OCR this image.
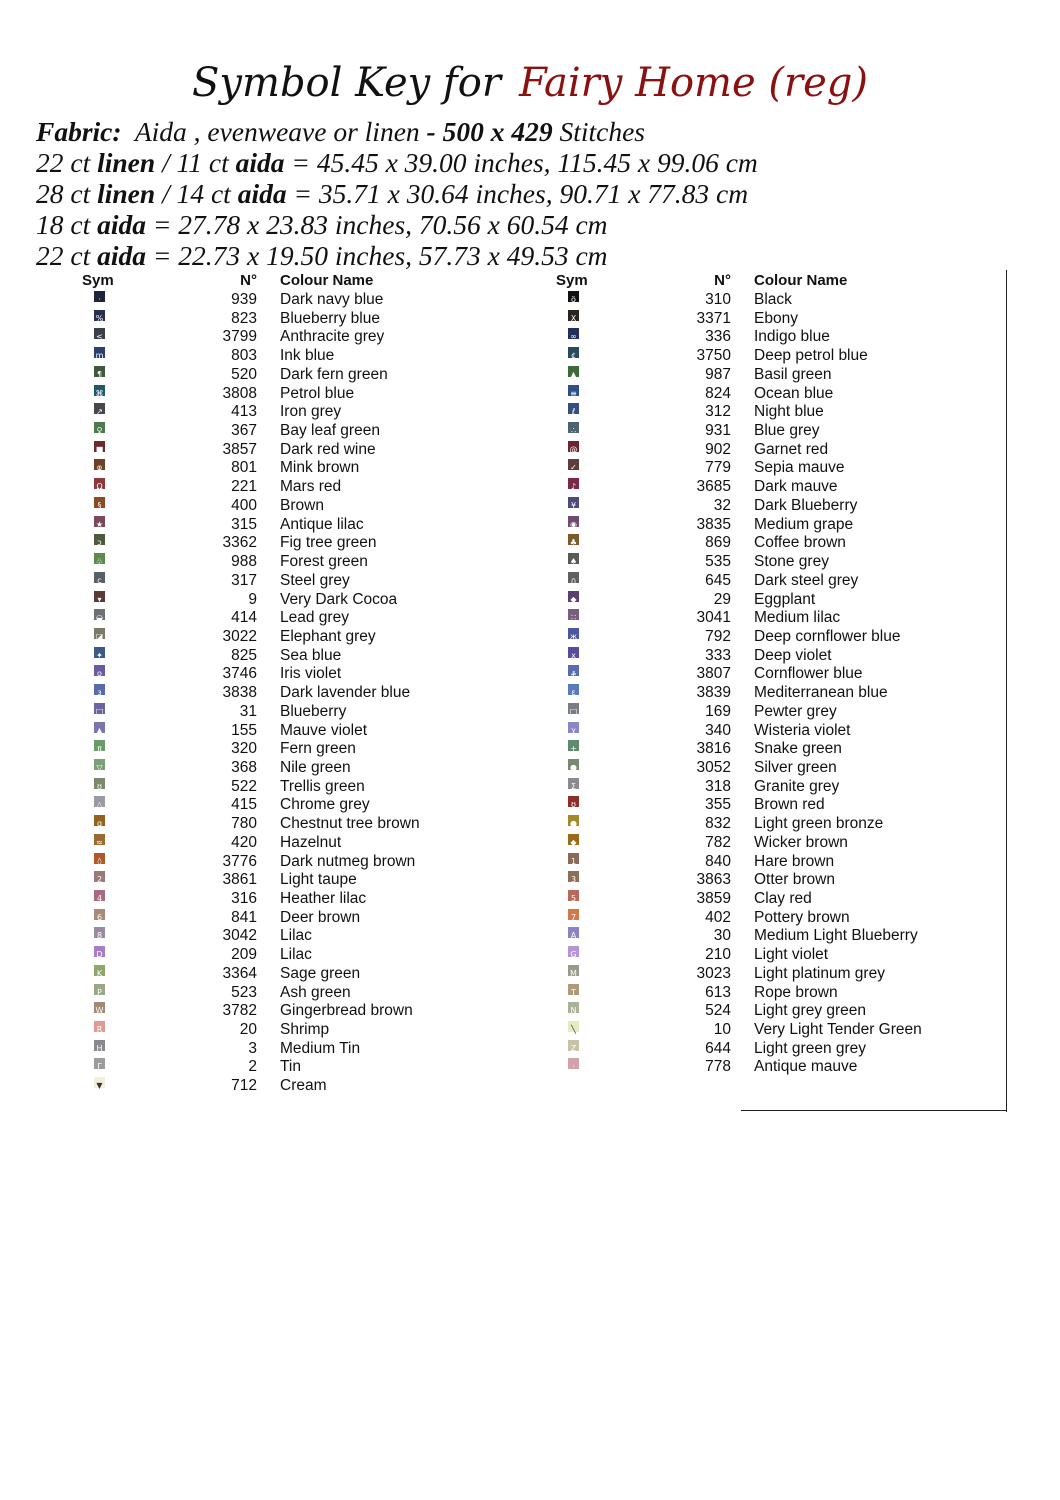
Symbol Key for Fairy Home (reg)
Fabric: Aida , evenweave or linen - 500 x 429 Stitches
22 ct linen / 11 ct aida = 45.45 x 39.00 inches, 115.45 x 99.06 cm
28 ct linen / 14 ct aida = 35.71 x 30.64 inches, 90.71 x 77.83 cm
18 ct aida = 27.78 x 23.83 inches, 70.56 x 60.54 cm
22 ct aida = 22.73 x 19.50 inches, 57.73 x 49.53 cm
Sym	N° Colour Name
·	939 Dark navy blue
%	823 Blueberry blue
<	3799 Anthracite grey
m	803 Ink blue
¶	520 Dark fern green
⌘	3808 Petrol blue
↗	413 Iron grey
♀	367 Bay leaf green
■	3857 Dark red wine
φ	801 Mink brown
Ω	221 Mars red
§	400 Brown
★	315 Antique lilac
ɔ	3362 Fig tree green
♧	988 Forest green
c	317 Steel grey
▾	9 Very Dark Cocoa
◒	414 Lead grey
◪	3022 Elephant grey
✦	825 Sea blue
o	3746 Iris violet
ɜ	3838 Dark lavender blue
□	31 Blueberry
▲	155 Mauve violet
π	320 Fern green
▽	368 Nile green
ʊ	522 Trellis green
△	415 Chrome grey
g	780 Chestnut tree brown
≈	420 Hazelnut
◊	3776 Dark nutmeg brown
2	3861 Light taupe
4	316 Heather lilac
6	841 Deer brown
8	3042 Lilac
D	209 Lilac
K	3364 Sage green
P	523 Ash green
W	3782 Gingerbread brown
R	20 Shrimp
H	3 Medium Tin
Γ	2 Tin
▼	712 Cream
Sym	N° Colour Name
ö	310 Black
X	3371 Ebony
∞	336 Indigo blue
¢	3750 Deep petrol blue
▲	987 Basil green
≡	824 Ocean blue
ℓ	312 Night blue
∴	931 Blue grey
@	902 Garnet red
✓	779 Sepia mauve
♪	3685 Dark mauve
¥	32 Dark Blueberry
◉	3835 Medium grape
♣	869 Coffee brown
♠	535 Stone grey
∩	645 Dark steel grey
◆	29 Eggplant
∷	3041 Medium lilac
ж	792 Deep cornflower blue
x	333 Deep violet
ቆ	3807 Cornflower blue
ε	3839 Mediterranean blue
□	169 Pewter grey
χ	340 Wisteria violet
+	3816 Snake green
●	3052 Silver green
Σ	318 Granite grey
ʊ	355 Brown red
●	832 Light green bronze
◆	782 Wicker brown
1	840 Hare brown
3	3863 Otter brown
5	3859 Clay red
7	402 Pottery brown
A	30 Medium Light Blueberry
G	210 Light violet
M	3023 Light platinum grey
T	613 Rope brown
N	524 Light grey green
╲	10 Very Light Tender Green
Z	644 Light green grey
·	778 Antique mauve
